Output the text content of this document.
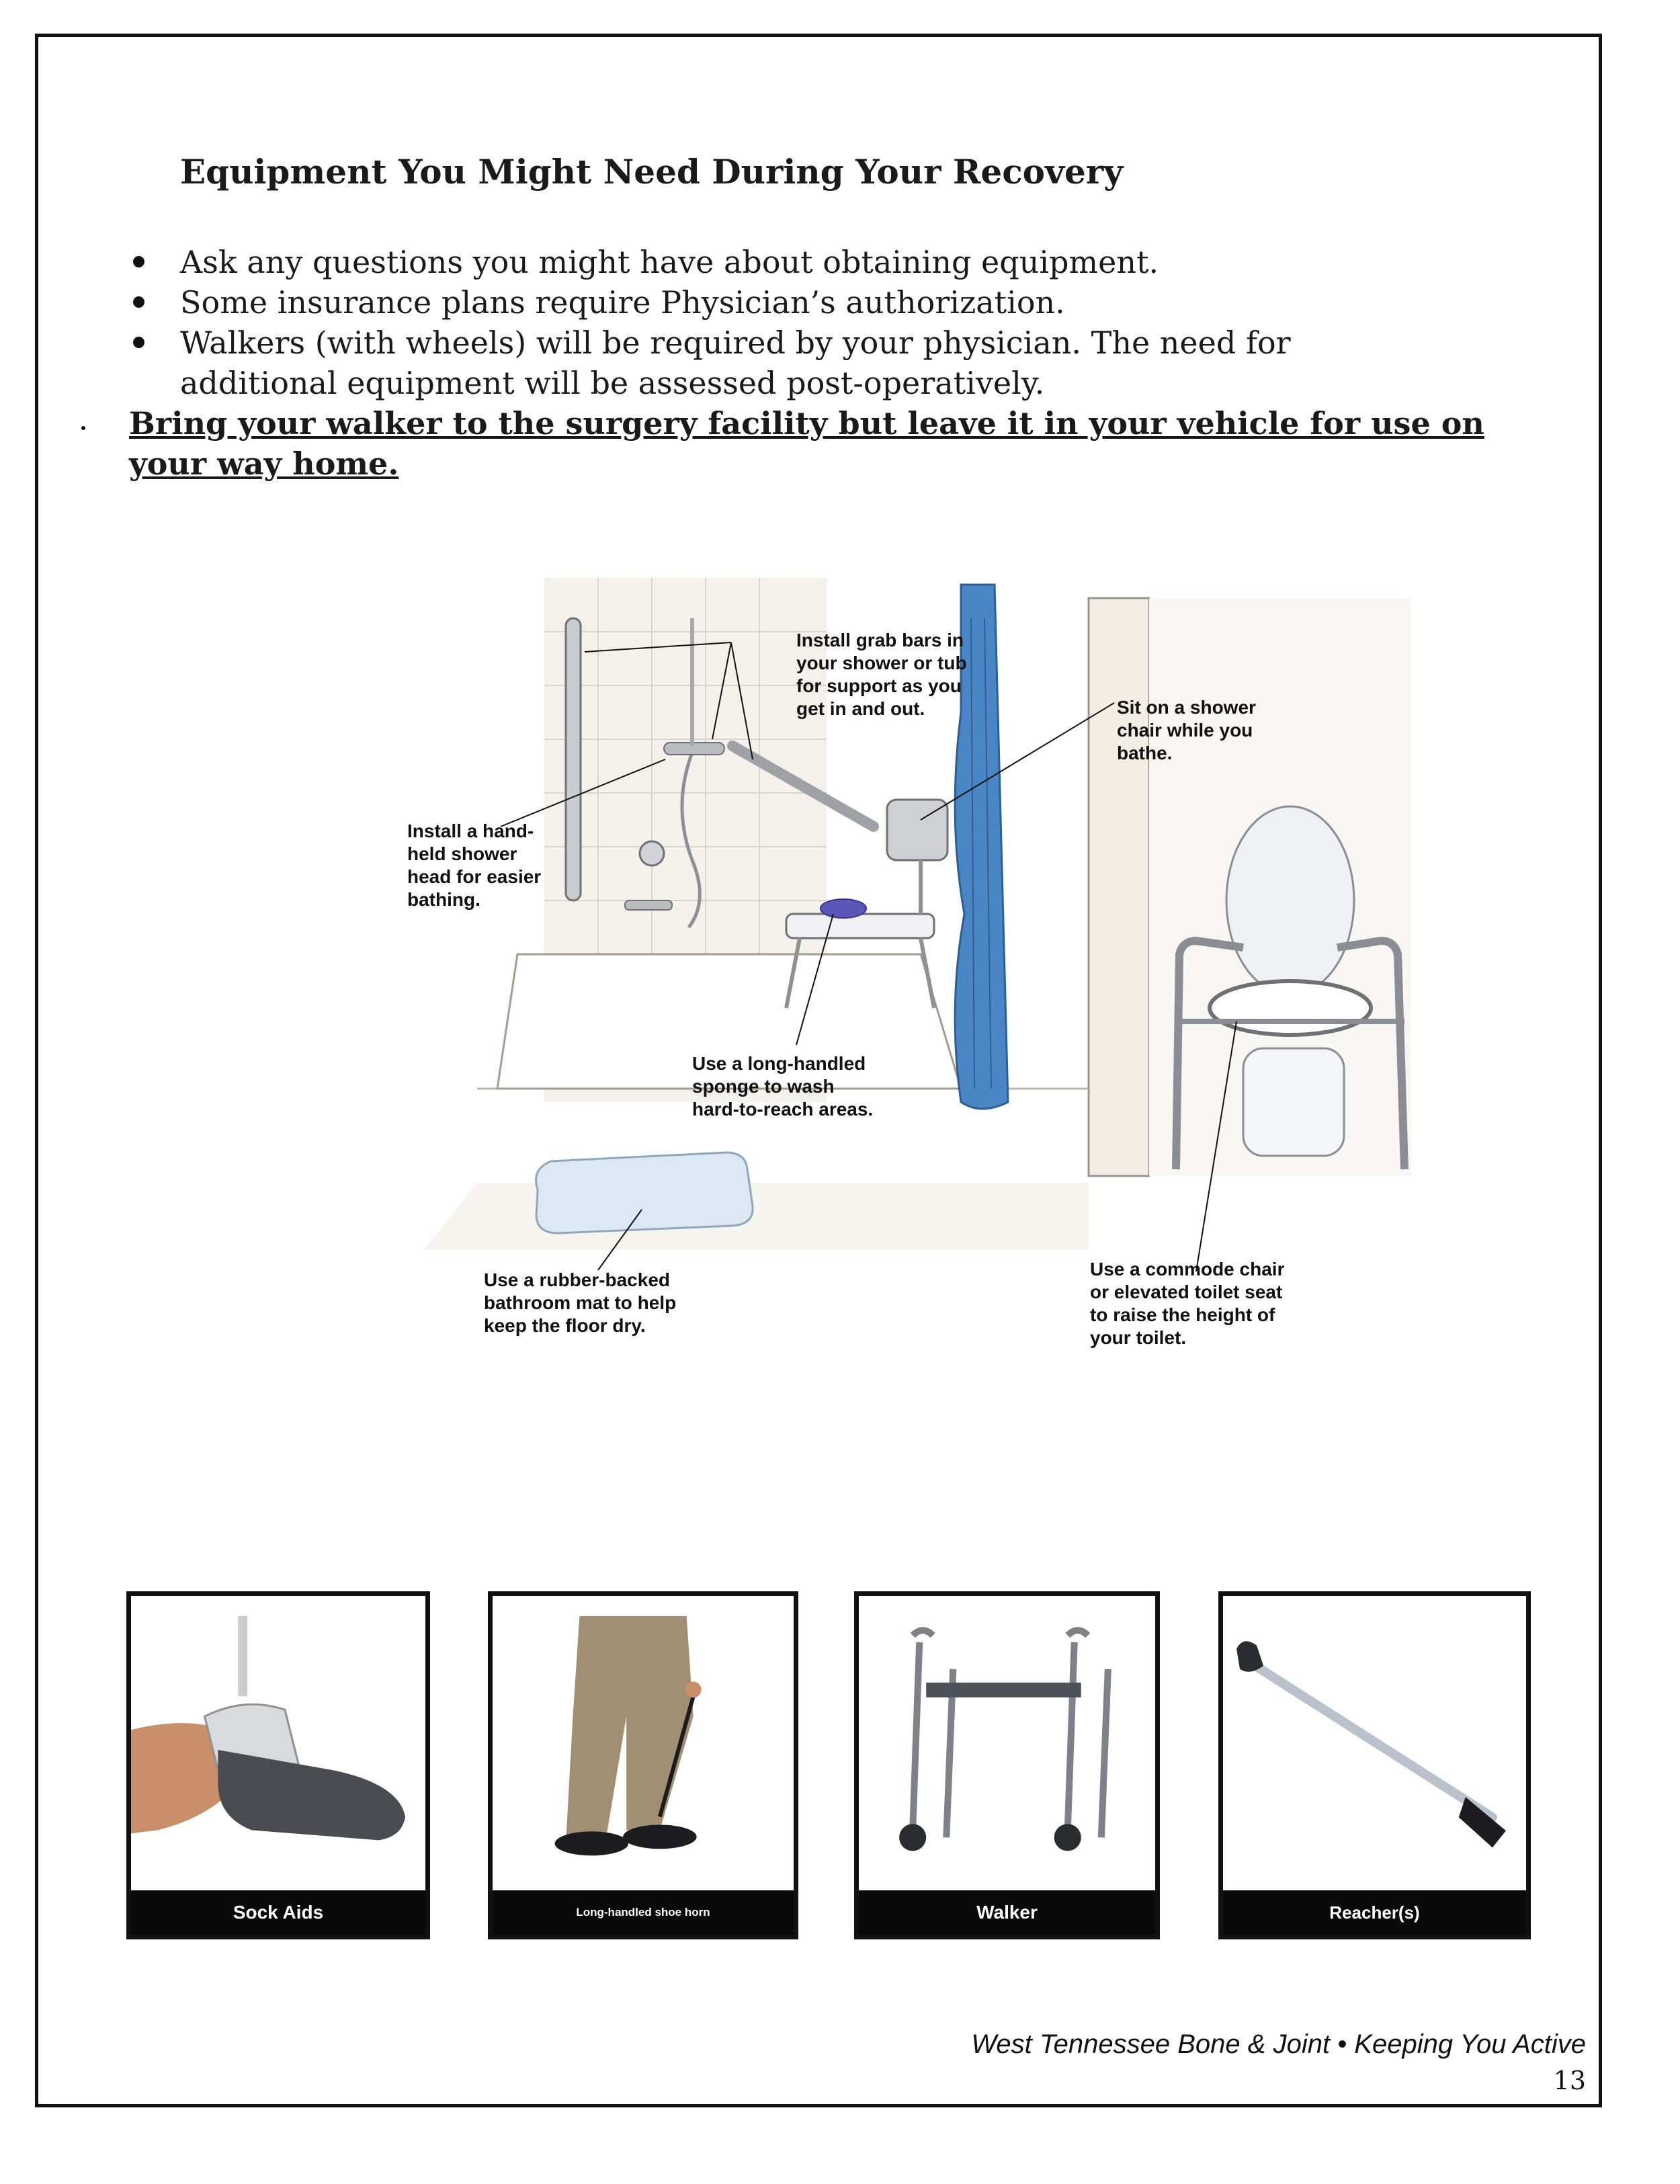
Equipment You Might Need During Your Recovery
Ask any questions you might have about obtaining equipment.
Some insurance plans require Physician’s authorization.
Walkers (with wheels) will be required by your physician. The need for additional equipment will be assessed post-operatively.
Bring your walker to the surgery facility but leave it in your vehicle for use on your way home.
Install grab bars in
your shower or tub
for support as you
get in and out.	Sit on a shower
chair while you
bathe.
Install a hand-
held shower
head for easier
bathing.
Use a long-handled
sponge to wash
hard-to-reach areas.
Use a rubber-backed
bathroom mat to help
keep the floor dry.
Use a commode chair
or elevated toilet seat
to raise the height of
your toilet.
Sock Aids	Long-handled shoe horn	Walker	Reacher(s)
West Tennessee Bone & Joint • Keeping You Active
13
